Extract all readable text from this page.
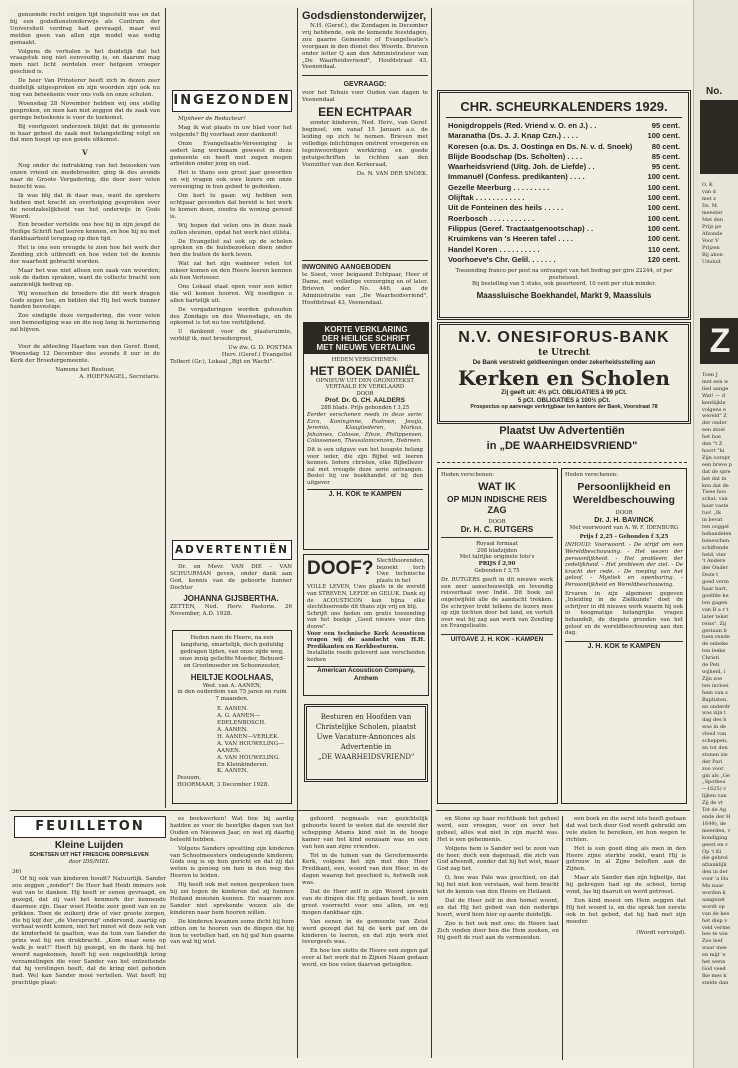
genoemde recht enigen tijd ingesteld was en dat bij een godsdienstonderwijs als Centrum der Universiteit verdrag had gevraagd, maar wel melden geen van allen zijn model was nodig gemaakt.

Volgens de verhalen is het duidelijk dat het vraagstuk nog niet eenvoudig is, en daarom mag men niet licht oordelen over hetgeen vroeger geschied is.

De heer Van Prinsterer heeft zich in dezen zeer duidelijk uitgesproken en zijn woorden zijn ook nu nog van beteekenis voor ons volk en onze scholen.

Woensdag 28 November hebben wij ons stellig gesproken, en men kan niet zeggen dat de zaak van geringe beteekenis is voor de toekomst.

Bij voortgezet onderzoek blijkt dat de gemeente in haar geheel de zaak met belangstelling volgt en dat men hoopt op een goede uitkomst.

V

Nog onder de indrukking van het bezoeken van onzen vriend en medebroeder, ging ik des avonds naar de Groote Vergadering, die door zeer velen bezocht was.

Ik was blij dat ik daar was, want de sprekers hebben met kracht en overtuiging gesproken over de noodzakelijkheid van het onderwijs in Gods Woord.

Een broeder vertelde ons hoe hij in zijn jeugd de Heilige Schrift had leeren kennen, en hoe hij nu met dankbaarheid terugzag op dien tijd.

Het is ons een vreugde te zien hoe het werk der Zending zich uitbreidt en hoe velen tot de kennis der waarheid gebracht worden.

Maar het was niet alleen een zaak van woorden; ook de daden spraken, want de collecte bracht een aanzienlijk bedrag op.

Wij wenschen de broeders die dit werk dragen Gods zegen toe, en bidden dat Hij het werk hunner handen bevestige.

Zoo eindigde deze vergadering, die voor velen een bemoediging was en die nog lang in herinnering zal blijven.

Voor de afdeeling Haarlem van den Geref. Bond, Woensdag 12 December des avonds 8 uur in de Kerk der Broedergemeente.

Namens het Bestuur,
A. HOEFNAGEL, Secretaris.
INGEZONDEN

Mijnheer de Redacteur!

Mag ik wat plaats in uw blad voor het volgende? Bij voorbaat zeer dankend!

Onze Evangelisatie-Vereeniging is sedert lang werkzaam geweest in deze gemeente en heeft met zegen mogen arbeiden onder jong en oud.

Het is thans een groot jaar geworden en wij vragen ook uwe lezers om onze vereeniging in hun gebed te gedenken.

Om kort te gaan: wij hebben een echtpaar gevonden dat bereid is het werk te komen doen, zoodra de woning gereed is.

Wij hopen dat velen ons in deze zaak zullen steunen, opdat het werk niet stilsta.

De Evangelist zal ook op de scholen spreken en de huisbezoeken doen onder hen die buiten de kerk leven.

Wat zal het zijn wanneer velen tot inkeer komen en den Heere leeren kennen als hun Verlosser.

Ons Lokaal staat open voor een ieder die wil komen hooren. Wij noodigen u allen hartelijk uit.

De vergaderingen worden gehouden des Zondags en des Woensdags, en de opkomst is tot nu toe verblijdend.

U dankend voor de plaatsruimte, verblijf ik, met broedergroet,

Uw dw. G. D. POSTMA
Herv. (Geref.) Evangelist
Tolbert (Gr.), Lokaal „Bijt en Wacht".
ADVERTENTIËN

Dr. en Mevr. VAN DIE – VAN SCHUURMAN geven, onder dank aan God, kennis van de geboorte hunner Dochter

JOHANNA GIJSBERTHA.
ZETTEN, Ned. Herv. Pastorie. 26 November, A.D. 1928.
Heden nam de Heere, na een langdurig, smartelijk, doch geduldig gedragen lijden, van onze zijde weg, onze innig geliefde Moeder, Behuwd- en Grootmoeder en Schoonzuster,
HEILTJE KOOLHAAS,
Wed. van A. AANEN,
in den ouderdom van 75 jaren en ruim 7 maanden.
E. AANEN.
A. G. AANEN—
EDELENBOSCH.
A. AANEN.
H. AANEN—VERLEK.
A. VAN HOUWELING—
AANEN.
A. VAN HOUWELING.
En Kleinkinderen.
K. AANEN.
Pesuum,
HOORMAAR, 3 December 1928.
Godsdienstonderwijzer,

N.H. (Geref.), die Zondagen in December vrij hebbende, ook de komende feestdagen, zou gaarne Gemeente of Evangelisatie's voorgaan in den dienst des Woords. Brieven onder letter Q aan den Administrateur van „De Waarheidsvriend", Hoofdstraat 43, Veenendaal.

GEVRAAGD:
voor het Tehuis voor Ouden van dagen te Veenendaal
EEN ECHTPAAR

zonder kinderen, Ned. Herv., van Geref. beginsel, om vanaf 15 Januari a.s. de leiding op zich te nemen. Brieven met volledige inlichtingen omtrent vroegeren en tegenwoordigen werkkring en goede getuigschriften te richten aan den Voorzitter van den Kerkeraad,

Ds. N. VAN DER SNOEK.
INWONING AANGEBODEN
te Soest, voor beigaand Echtpaar, Heer of Dame, met volledige verzorging en of later. Brieven onder No. 446, aan de Administratie van „De Waarheidsvriend", Hoofdstraat 43, Veenendaal.
KORTE VERKLARING
DER HEILIGE SCHRIFT
MET NIEUWE VERTALING
HEDEN VERSCHENEN:
HET BOEK DANIËL
OPNIEUW UIT DEN GRONDTEKST VERTAALD EN VERKLAARD
DOOR
Prof. Dr. G. CH. AALDERS
288 blads. Prijs gebonden f 3,25
Eerder verschenen reeds in deze serie: Ezra, Koninginne, Psalmen, Jesaja, Jeremia, Klaagliederen, Markus, Johannes, Colosse, Efeze, Philippensen, Colossensen, Thessalonicenzen, Hebreen.
Dit is een uitgave van het hoogste belang voor ieder, die zijn Bijbel wil leeren kennen. Iedere christen, elke Bijbellezer zal met vreugde deze serie ontvangen. Bestel bij uw boekhandel of bij den uitgever
J. H. KOK te KAMPEN
DOOF? Slechthoorenden, bezoekt toch Uwe technische plaats in het
VOLLE LEVEN, Uwe plaats in de wereld van STREVEN, LEFDE en GELUK. Dank zij de ACOUSTICON kan bijna elke slechthoorende dit thans zijn vrij en blij.
Schrijft ons heden om gratis toezending van het boekje „Goed nieuws voor den doove".
Voor een technische Kerk Acousticon vragen wij de aandacht van H.H. Predikanten en Kerkbesturen.
Installatie reeds geleverd aan verscheiden kerken
American Acousticon Company, Arnhem
Besturen en Hoofden van
Christelijke Scholen, plaatst
Uwe Vacature-Annonces als
Advertentie in
„DE WAARHEIDSVRIEND"
CHR. SCHEURKALENDERS 1929.
Honigdroppels (Red. Vriend v. O. en J.) . .	95 cent.
Maranatha (Ds. J. J. Knap Czn.) . . . .	100 cent.
Koresen (o.a. Ds. J. Oostinga en Ds. N. v. d. Snoek)	80 cent.
Blijde Boodschap (Ds. Scholten) . . . .	85 cent.
Waarheidsvriend (Uitg. Joh. de Liefde) . .	95 cent.
Immanuël (Confess. predikanten) . . . .	100 cent.
Gezelle Meerburg . . . . . . . . .	100 cent.
Olijftak . . . . . . . . . . . .	100 cent.
Uit de Fonteinen des heils . . . . .	100 cent.
Roerbosch . . . . . . . . . . .	100 cent.
Filippus (Geref. Tractaatgenootschap) . .	100 cent.
Kruimkens van 's Heeren tafel . . . .	100 cent.
Handel Koren . . . . . . . . . .	110 cent.
Voorhoeve's Chr. Gelil. . . . . . .	120 cent.
Toezending franco per post na ontvangst van het bedrag per giro 22244, of per postwissel.
Bij bestelling van 5 stuks, ook gesorteerd, 10 cent per stuk minder.
Maassluische Boekhandel, Markt 9, Maassluis
N.V. ONESIFORUS-BANK
te Utrecht
De Bank verstrekt geldleeningen onder zekerheidsstelling aan
Kerken en Scholen
Zij geeft uit: 4½ pCt. OBLIGATIES à 99 pCt.
5 pCt. OBLIGATIES à 100½ pCt.
Prospectus op aanvrage verkrijgbaar ten kantore der Bank, Voorstraat 78
Plaatst Uw Advertentiën
in „DE WAARHEIDSVRIEND"
Heden verschenen:
WAT IK
OP MIJN INDISCHE REIS
ZAG
DOOR
Dr. H. C. RUTGERS
Royaal formaat
208 bladzijden
Met talrijke originele foto's
PRIJS f 2,90
Gebonden f 3,75
Dr. RUTGERS geeft in dit nieuwe werk een zeer aanschouwelijk en levendig reisverhaal over Indië. Dit boek zal ongetwijfeld alle de aandacht trekken. De schrijver trekt telkens de lezers mee op zijn tochten door het land, en vertelt over wat hij zag aan werk van Zending en Evangelisatie.
UITGAVE J. H. KOK - KAMPEN
Heden verschenen:
Persoonlijkheid en Wereldbeschouwing
DOOR
Dr. J. H. BAVINCK
Met voorwoord van A. W. F. IDENBURG
Prijs f 2,25 - Gebonden f 3,25
INHOUD: Voorwoord. - De strijd om een Wereldbeschouwing. - Het wezen der persoonlijkheid. - Het probleem der zedelijkheid. - Het probleem der ziel. - De kracht der rede. - De roeping van het geloof. - Mystiek en openbaring. - Persoonlijkheid en Wereldbeschouwing.
Ervaren in zijn algemeen gegeven „Inleiding in de Zielkunde" doet de schrijver in dit nieuwe werk waarin hij ook in hoogmatige belangrijke vragen behandelt, de diepste gronden van het geloof en de wereldbeschouwing aan den dag.
J. H. KOK te KAMPEN
FEUILLETON
Kleine Luijden
SCHETSEN UIT HET FRIESCHE DORPSLEVEN
door IDS/NIEL
36)

Of hij ook van kinderen houdt? Natuurlijk. Sander zou zeggen „zonder"! De Heer had Heidi immers ook wat van te danken. Hij heeft er eenen gevraagd, en gezegd, dat zij vast het kenmerk der kennende daarmee zijn. Daar weet Heidie zeer goed van en ze prikken. Toen de zuikerij drie of vier groote zorgen, die hij kijf der „de Viersprong" ondervond, zaartig op verhaal wordt komen, niet het minst wil deze ook van de kinderheid te gaatten, was de tuin van Sander de prins wat hij een drukbracht. „Kom maar eens op walk je wat!" Heeft hij gezegd, en de dank hij het woord nagekomen, heeft hij een ongeloofdijk kring verzamelingen die voor Sander van het ontzettende dat hij verslingen heeft, dat de kring niet geboden had. Wel kan Sander mooi vertellen. Wat heeft hij prachtige plaat-

es boekwerken! Wat hoe bij aardig hadden ze voor de heerlijke dagen van het Ouden en Nieuwen Jaar, en wat zij daarbij beleefd hebben.

Volgens Sanders opvatting zijn kinderen van Schoolmeesters ondeugende kinderen; Gods oog is op hun gericht en dat zij dat weten is genoeg om hen in den weg des Heeren te leiden.

Hij heeft ook met eenen gesproken toen hij zei tegen de kinderen dat zij hunnen Heiland moesten kennen. En waarom zou Sander niet sprekende wezen als de kinderen naar hem hooren willen.

De kinderen kwamen soms dicht bij hem zitten om te hooren van de dingen die hij hun te vertellen had, en hij gaf hun gaarne van wat hij wist.

gehoord nogmaals van gezichtelijk geboorte teerd te weten dat de wereld der schepping Adams kind niet in de hooge kamer van het kind eenzaam was en een van hen aan zijne vrienden.

Tot in de tuinen van de Gereformeerde Kerk, volgens het zijn met den Heer Predikant, een, woord van den Heer, in de dagen waarop het geschied is, hetwelk ook was.

Dat de Heer zelf in zijn Woord spreekt van de dingen die Hij gedaan heeft, is een groot voorrecht voor ons allen, en wij mogen dankbaar zijn.

Van eenen in de gemeente van Zeist werd gezegd dat hij de kerk gaf om de kinderen te leeren, en dat zijn werk niet tevergeefs was.

En hoe ten slotte de Heere een zegen gaf over al het werk dat in Zijnen Naam gedaan werd, en hoe velen daarvan getuigden.

en Stone op haar rechtbank het geheel werd, een vroegen, voor en over het geheel, alles wat niet in zijn macht was. Het is een geheimenis.

Volgens hem is Sander wel te zoon van de heer, doch een dageraad, die zich van God afwendt, zonder dat hij het wist, maar God zag het.

O, hoe was Pale was geschied, en dat hij het niet kon verstaan, wat hem bracht tot de kennis van den Heere en Heiland.

Dat de Heer zelf in den hemel woont, en dat Hij het gebed van den nederige hoort, werd hem hier op aarde duidelijk.

Zoo is het ook met ons: de Heere laat Zich vinden door hen die Hem zoeken, en Hij geeft de rust aan de vermoeiden.

een boek en die eerst iets heeft gedaan dat wat toch door God wordt gebruikt om vele zielen te bereiken, en hun wegen te richten.

Het is een goed ding als men in den Heere zijne sterkte zoekt, want Hij is getrouw in al Zijne beloften aan de Zijnen.

Maar als Sander dan zijn bijbeltje, dat hij gekregen had op de school, terug vond, las hij daaruit en werd getroost.

Een kind moest om Hem zeggen dat Hij het woord is, en die sprak ten eerste ook in het gebed, dat hij bad met zijn moeder.

(Wordt vervolgd).
No.
O, K
van d
met z
Ds. M.
meester
Met den
Prijs pe
Afzonde
Voor V
Prijzen
Bij abon
Uitsluit
Z
Toen J
met een w
lied aange
Wat! — d
kentlijkle
volgens e
wereld" Z
der onder
een stoel
het hoe
den "t Z
hoort "hi
Zijn oorspr
een breve p
dat de spre
het dat in
ken dat de
Twee boo
schat, van
haar vaste
tus! „Ik
in bevat
ten ooggel
behandelen
beneschen.
schiftende
held, vier
't Andere
der Onder
Deze t
goed verm
haar hart,
goelfde he
ten gagen
van B a r t
later tekst
reiss". Zij
gestaan b
tuen rende
de onbeke
ten leeke
Christi
de Peti
wijheid, i
Zijn zoe
ten invloei
hem van s
Baptisten,
en onderdr
was zijn t
dag des h
was in de
vloed van
scheppen,
en tot den
stonen zie
der Pari
zoo voor
gin als „Ge
„Spotbea
—1625) v
lijken van
Zij de vt
Tot de Ag
ende der H
1649), de
meerden, v
kondiging
geest en v
Op 't Ki
die gebrol
afzanklijk
den in der
voor 'a Hu
Mn naar
worden k
aangezet
wordt op
van de kee
het diep v
veld verme
bes te wie
Zoo leef
waar mee
en mijt 'e
het wenn
God veed
Ike mes k
stelde dan
